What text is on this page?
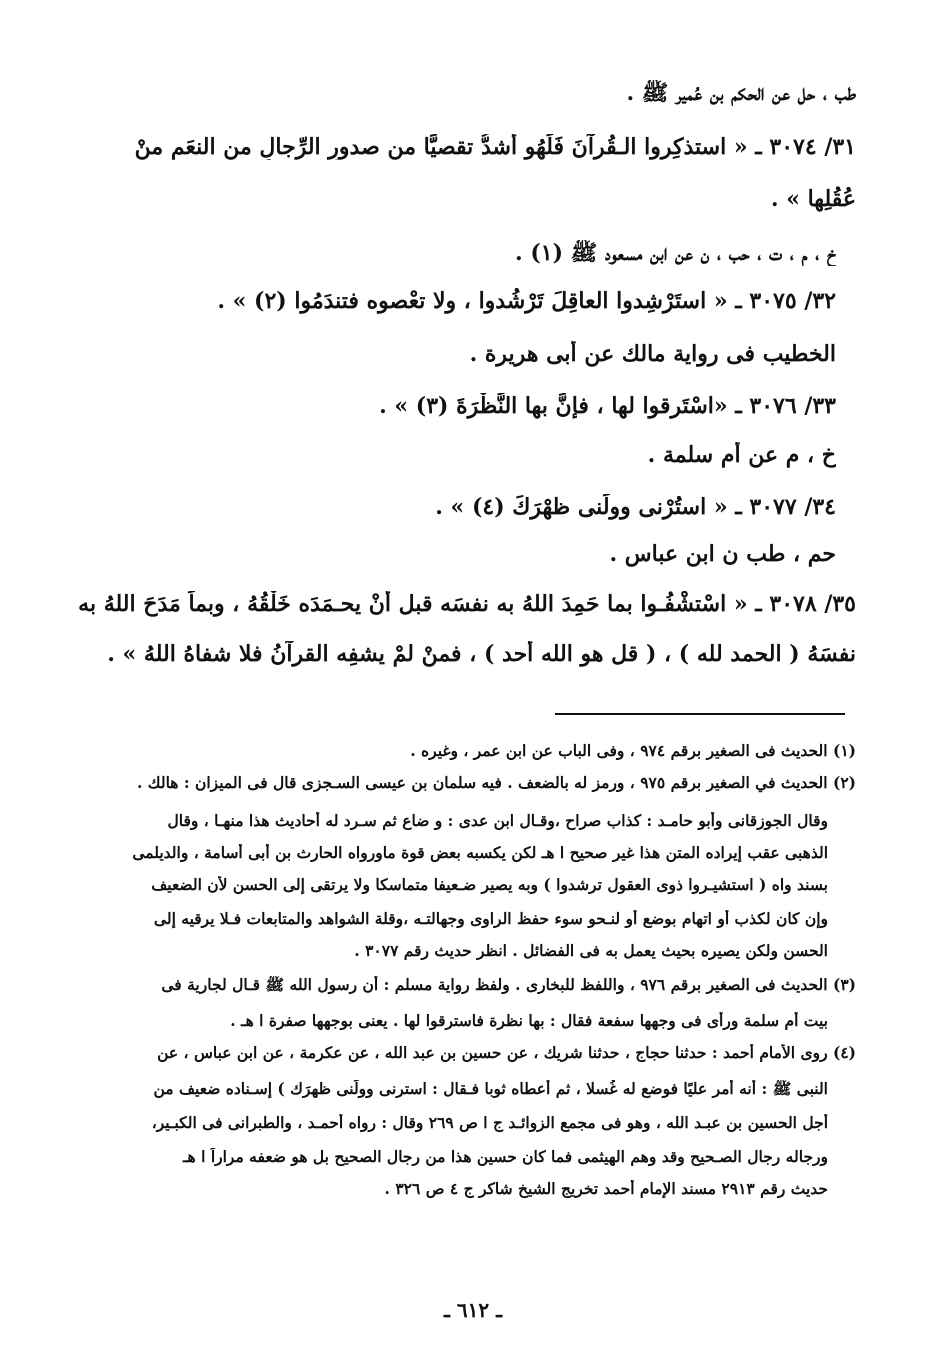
طب ، حل عن الحكم بن عُمير ﷺ .
٣١/ ٣٠٧٤ ـ « استذكِروا الـقُرآنَ فَلَهُو أشدُّ تقصيًّا من صدورِ الرِّجالِ من النعَمِ منْ
عُقُلِها » .
خ ، م ، ت ، حب ، ن عن ابن مسعود ﷺ (١) .
٣٢/ ٣٠٧٥ ـ « استَرْشِدوا العاقِلَ تَرْشُدوا ، ولا تعْصوه فتندَمُوا (٢) » .
الخطيب فى رواية مالك عن أبى هريرة .
٣٣/ ٣٠٧٦ ـ «اسْتَرقوا لها ، فإنَّ بها النَّظْرَةَ (٣) » .
خ ، م عن أم سلمة .
٣٤/ ٣٠٧٧ ـ « استُرْنى وولِّنى ظهْرَكَ (٤) » .
حم ، طب ن ابن عباس .
٣٥/ ٣٠٧٨ ـ « اسْتشْفُـوا بما حَمِدَ اللهُ به نفسَه قبل أنْ يحـمَدَه خَلْقُهُ ، وبماَ مَدَحَ اللهُ به
نفسَهُ ( الحمد لله ) ، ( قل هو الله أحد ) ، فمنْ لمْ يشفِه القرآنُ فلا شفاهُ اللهُ » .
(١) الحديث فى الصغير برقم ٩٧٤ ، وفى الباب عن ابن عمر ، وغيره .
(٢) الحديث في الصغير برقم ٩٧٥ ، ورمز له بالضعف . فيه سلمان بن عيسى السـجزى قال فى الميزان : هالك .
وقال الجوزقانى وأبو حامـد : كذاب صراح ،وقـال ابن عدى : و ضاع ثم سـرد له أحاديث هذا منهـا ، وقال
الذهبى عقب إيراده المتن هذا غير صحيح ا هـ لكن يكسبه بعض قوة ماورواه الحارث بن أبى أسامة ، والديلمى
بسند واه ( استشيـروا ذوى العقول ترشدوا ) وبه يصير ضـعيفا متماسكا ولا يرتقى إلى الحسن لأن الضعيف
وإن كان لكذب أو اتهام بوضع أو لنـحو سوء حفظ الراوى وجهالتـه ،وقلة الشواهد والمتابعات فـلا يرقيه إلى
الحسن ولكن يصيره بحيث يعمل به فى الفضائل . انظر حديث رقم ٣٠٧٧ .
(٣) الحديث فى الصغير برقم ٩٧٦ ، واللفظ للبخارى . ولفظ رواية مسلم : أن رسول الله ﷺ قـال لجارية فى
بيت أم سلمة ورأى فى وجهها سفعة فقال : بها نظرة فاسترقوا لها . يعنى بوجهها صفرة ا هـ .
(٤) روى الأمام أحمد : حدثنا حجاج ، حدثنا شريك ، عن حسين بن عبد الله ، عن عكرمة ، عن ابن عباس ، عن
النبى ﷺ : أنه أمر عليًا فوضع له غُسلا ، ثم أعطاه ثوبا فـقال : استرنى وولِّنى ظهرَك ) إسـناده ضعيف من
أجل الحسين بن عبـد الله ، وهو فى مجمع الزوائـد ج ا ص ٢٦٩ وقال : رواه أحمـد ، والطبرانى فى الكبـير،
ورجاله رجال الصـحيح وقد وهم الهيثمى فما كان حسين هذا من رجال الصحيح بل هو ضعفه مراراً ا هـ
حديث رقم ٢٩١٣ مسند الإمام أحمد تخريج الشيخ شاكر ج ٤ ص ٣٢٦ .
ـ ٦١٢ ـ
